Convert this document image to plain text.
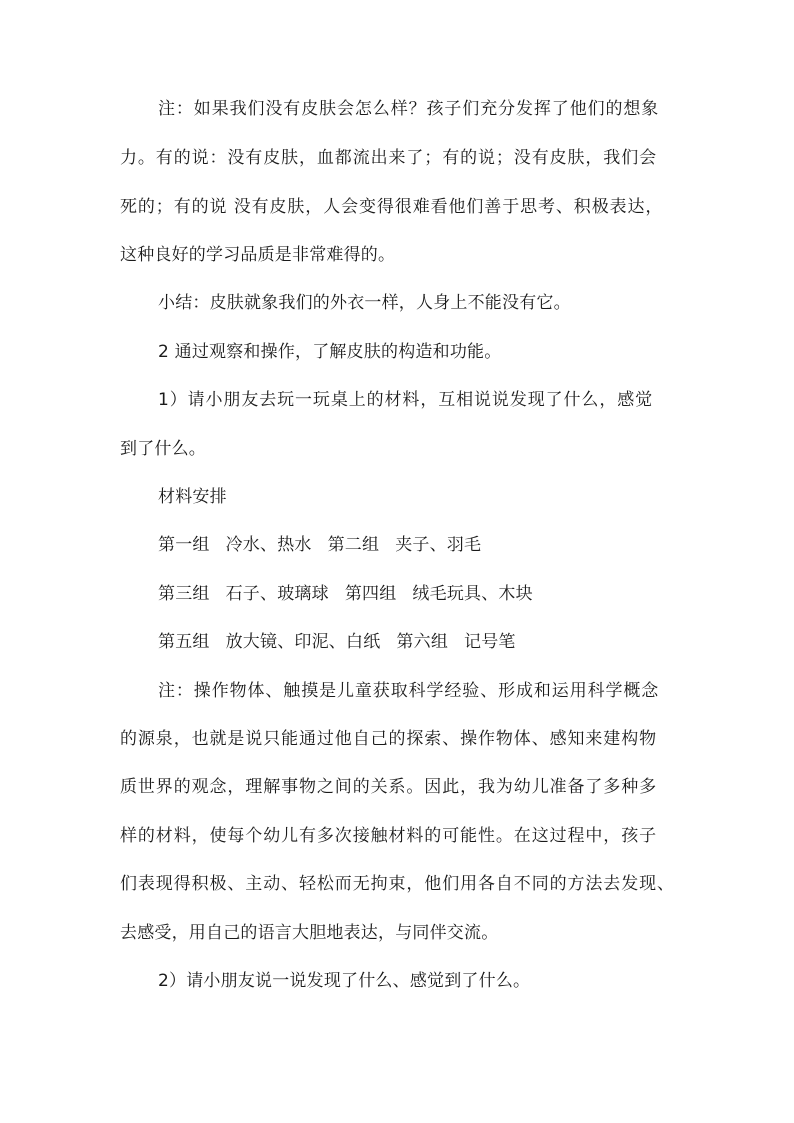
注：如果我们没有皮肤会怎么样？孩子们充分发挥了他们的想象
力。有的说：没有皮肤，血都流出来了；有的说；没有皮肤，我们会
死的；有的说 没有皮肤，人会变得很难看他们善于思考、积极表达，
这种良好的学习品质是非常难得的。
小结：皮肤就象我们的外衣一样，人身上不能没有它。
2 通过观察和操作，了解皮肤的构造和功能。
1）请小朋友去玩一玩桌上的材料，互相说说发现了什么，感觉
到了什么。
材料安排
第一组 冷水、热水 第二组 夹子、羽毛
第三组 石子、玻璃球 第四组 绒毛玩具、木块
第五组 放大镜、印泥、白纸 第六组 记号笔
注：操作物体、触摸是儿童获取科学经验、形成和运用科学概念
的源泉，也就是说只能通过他自己的探索、操作物体、感知来建构物
质世界的观念，理解事物之间的关系。因此，我为幼儿准备了多种多
样的材料，使每个幼儿有多次接触材料的可能性。在这过程中，孩子
们表现得积极、主动、轻松而无拘束，他们用各自不同的方法去发现、
去感受，用自己的语言大胆地表达，与同伴交流。
2）请小朋友说一说发现了什么、感觉到了什么。
